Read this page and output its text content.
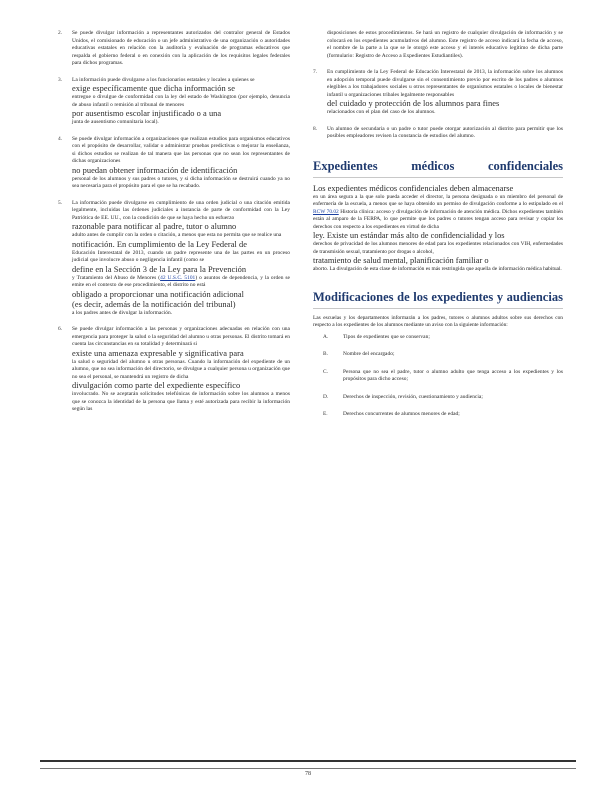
2.	Se puede divulgar información a representantes autorizados del contralor general de Estados Unidos, el comisionado de educación o un jefe administrativo de una organización o autoridades educativas estatales en relación con la auditoría y evaluación de programas educativos que respalda el gobierno federal o en conexión con la aplicación de los requisitos legales federales para dichos programas.
3.	La información puede divulgarse a los funcionarios estatales y locales a quienes se
exige específicamente que dicha información se
entregue o divulgue de conformidad con la ley del estado de Washington (por ejemplo, denuncia de abuso infantil o remisión al tribunal de menores
por ausentismo escolar injustificado o a una
junta de ausentismo comunitaria local).
4.	Se puede divulgar información a organizaciones que realizan estudios para organismos educativos con el propósito de desarrollar, validar o administrar pruebas predictivas o mejorar la enseñanza, si dichos estudios se realizan de tal manera que las personas que no sean los representantes de dichas organizaciones
no puedan obtener información de identificación
personal de los alumnos y sus padres o tutores, y si dicha información se destruirá cuando ya no sea necesaria para el propósito para el que se ha recabado.
5.	La información puede divulgarse en cumplimiento de una orden judicial o una citación emitida legalmente, incluidas las órdenes judiciales a instancia de parte de conformidad con la Ley Patriótica de EE. UU., con la condición de que se haya hecho un esfuerzo
razonable para notificar al padre, tutor o alumno
adulto antes de cumplir con la orden o citación, a menos que esta no permita que se realice una
notificación. En cumplimiento de la Ley Federal de
Educación Interestatal de 2013, cuando un padre represente una de las partes en un proceso judicial que involucre abuso o negligencia infantil (como se
define en la Sección 3 de la Ley para la Prevención
y Tratamiento del Abuso de Menores (42 U.S.C. 5101) o asuntos de dependencia, y la orden se emite en el contexto de ese procedimiento, el distrito no está
obligado a proporcionar una notificación adicional
(es decir, además de la notificación del tribunal)
a los padres antes de divulgar la información.
6.	Se puede divulgar información a las personas y organizaciones adecuadas en relación con una emergencia para proteger la salud o la seguridad del alumno u otras personas. El distrito tomará en cuenta las circunstancias en su totalidad y determinará si
existe una amenaza expresable y significativa para
la salud o seguridad del alumno u otras personas. Cuando la información del expediente de un alumno, que no sea información del directorio, se divulgue a cualquier persona u organización que no sea el personal, se mantendrá un registro de dicha
divulgación como parte del expediente específico
involucrado. No se aceptarán solicitudes telefónicas de información sobre los alumnos a menos que se conozca la identidad de la persona que llama y esté autorizada para recibir la información según las
disposiciones de estos procedimientos. Se hará un registro de cualquier divulgación de información y se colocará en los expedientes acumulativos del alumno. Este registro de acceso indicará la fecha de acceso, el nombre de la parte a la que se le otorgó este acceso y el interés educativo legítimo de dicha parte (formulario: Registro de Acceso a Expedientes Estudiantiles).
7.	En cumplimiento de la Ley Federal de Educación Interestatal de 2013, la información sobre los alumnos en adopción temporal puede divulgarse sin el consentimiento previo por escrito de los padres o alumnos elegibles a los trabajadores sociales u otros representantes de organismos estatales o locales de bienestar infantil u organizaciones tribales legalmente responsables
del cuidado y protección de los alumnos para fines
relacionados con el plan del caso de los alumnos.
8.	Un alumno de secundaria o un padre o tutor puede otorgar autorización al distrito para permitir que los posibles empleadores revisen la constancia de estudios del alumno.
Expedientes	médicos	confidenciales
Los expedientes médicos confidenciales deben almacenarse
en un área segura a la que solo pueda acceder el director, la persona designada o un miembro del personal de enfermería de la escuela, a menos que se haya obtenido un permiso de divulgación conforme a lo estipulado en el RCW 70.02 Historia clínica: acceso y divulgación de información de atención médica. Dichos expedientes también están al amparo de la FERPA, lo que permite que los padres o tutores tengan acceso para revisar y copiar los derechos con respecto a los expedientes en virtud de dicha
ley. Existe un estándar más alto de confidencialidad y los
derechos de privacidad de los alumnos menores de edad para los expedientes relacionados con VIH, enfermedades de transmisión sexual, tratamiento por drogas o alcohol,
tratamiento de salud mental, planificación familiar o
aborto. La divulgación de esta clase de información es más restringida que aquella de información médica habitual.
Modificaciones de los expedientes y audiencias
Las escuelas y los departamentos informarán a los padres, tutores o alumnos adultos sobre sus derechos con respecto a los expedientes de los alumnos mediante un aviso con la siguiente información:
A.	Tipos de expedientes que se conservan;
B.	Nombre del encargado;
C.	Persona que no sea el padre, tutor o alumno adulto que tenga acceso a los expedientes y los propósitos para dicho acceso;
D.	Derechos de inspección, revisión, cuestionamiento y audiencia;
E.	Derechos concurrentes de alumnos menores de edad;
78
